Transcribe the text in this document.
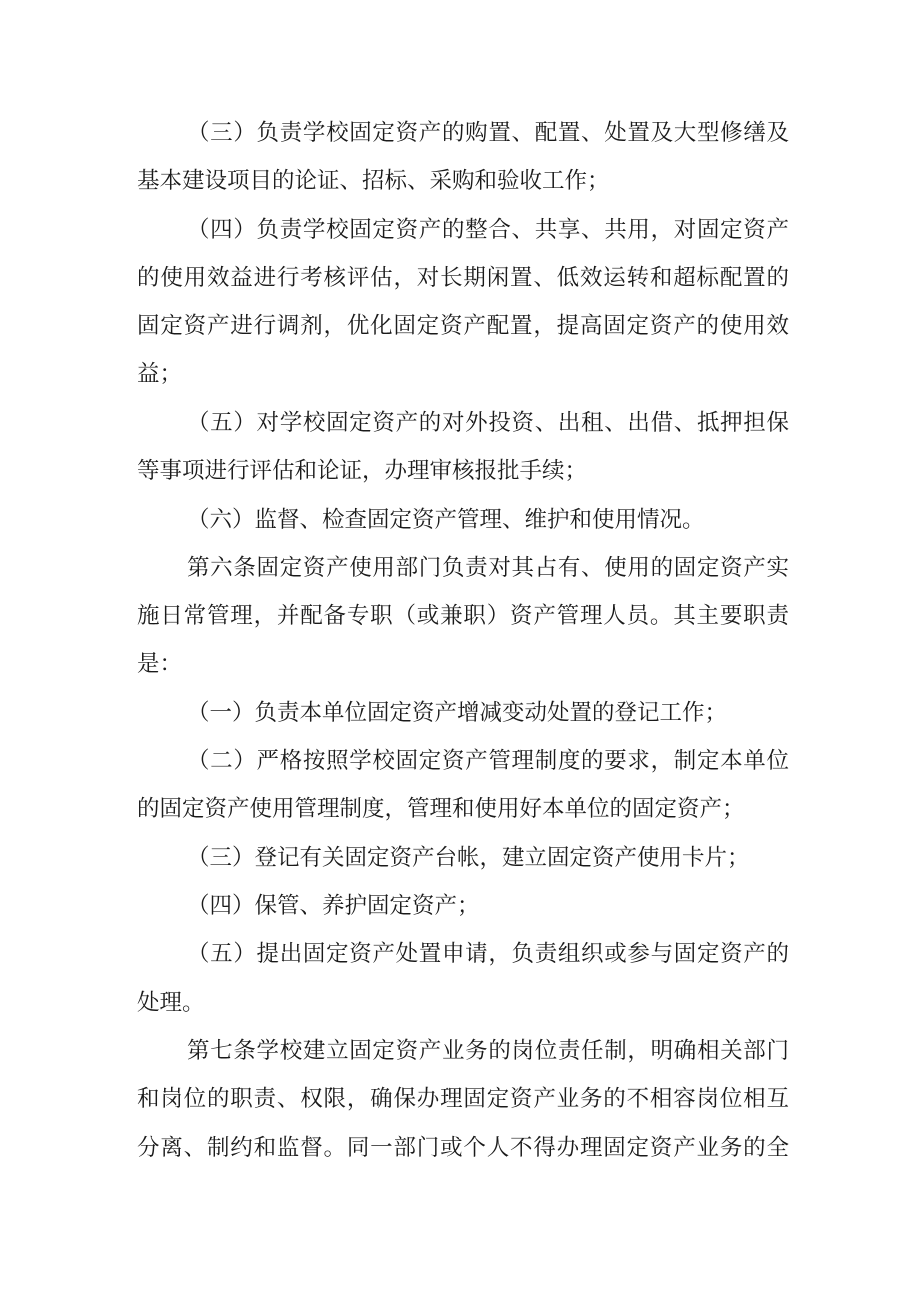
（三）负责学校固定资产的购置、配置、处置及大型修缮及
基本建设项目的论证、招标、采购和验收工作；
（四）负责学校固定资产的整合、共享、共用，对固定资产
的使用效益进行考核评估，对长期闲置、低效运转和超标配置的
固定资产进行调剂，优化固定资产配置，提高固定资产的使用效
益；
（五）对学校固定资产的对外投资、出租、出借、抵押担保
等事项进行评估和论证，办理审核报批手续；
（六）监督、检查固定资产管理、维护和使用情况。
第六条固定资产使用部门负责对其占有、使用的固定资产实
施日常管理，并配备专职（或兼职）资产管理人员。其主要职责
是：
（一）负责本单位固定资产增减变动处置的登记工作；
（二）严格按照学校固定资产管理制度的要求，制定本单位
的固定资产使用管理制度，管理和使用好本单位的固定资产；
（三）登记有关固定资产台帐，建立固定资产使用卡片；
（四）保管、养护固定资产；
（五）提出固定资产处置申请，负责组织或参与固定资产的
处理。
第七条学校建立固定资产业务的岗位责任制，明确相关部门
和岗位的职责、权限，确保办理固定资产业务的不相容岗位相互
分离、制约和监督。同一部门或个人不得办理固定资产业务的全
